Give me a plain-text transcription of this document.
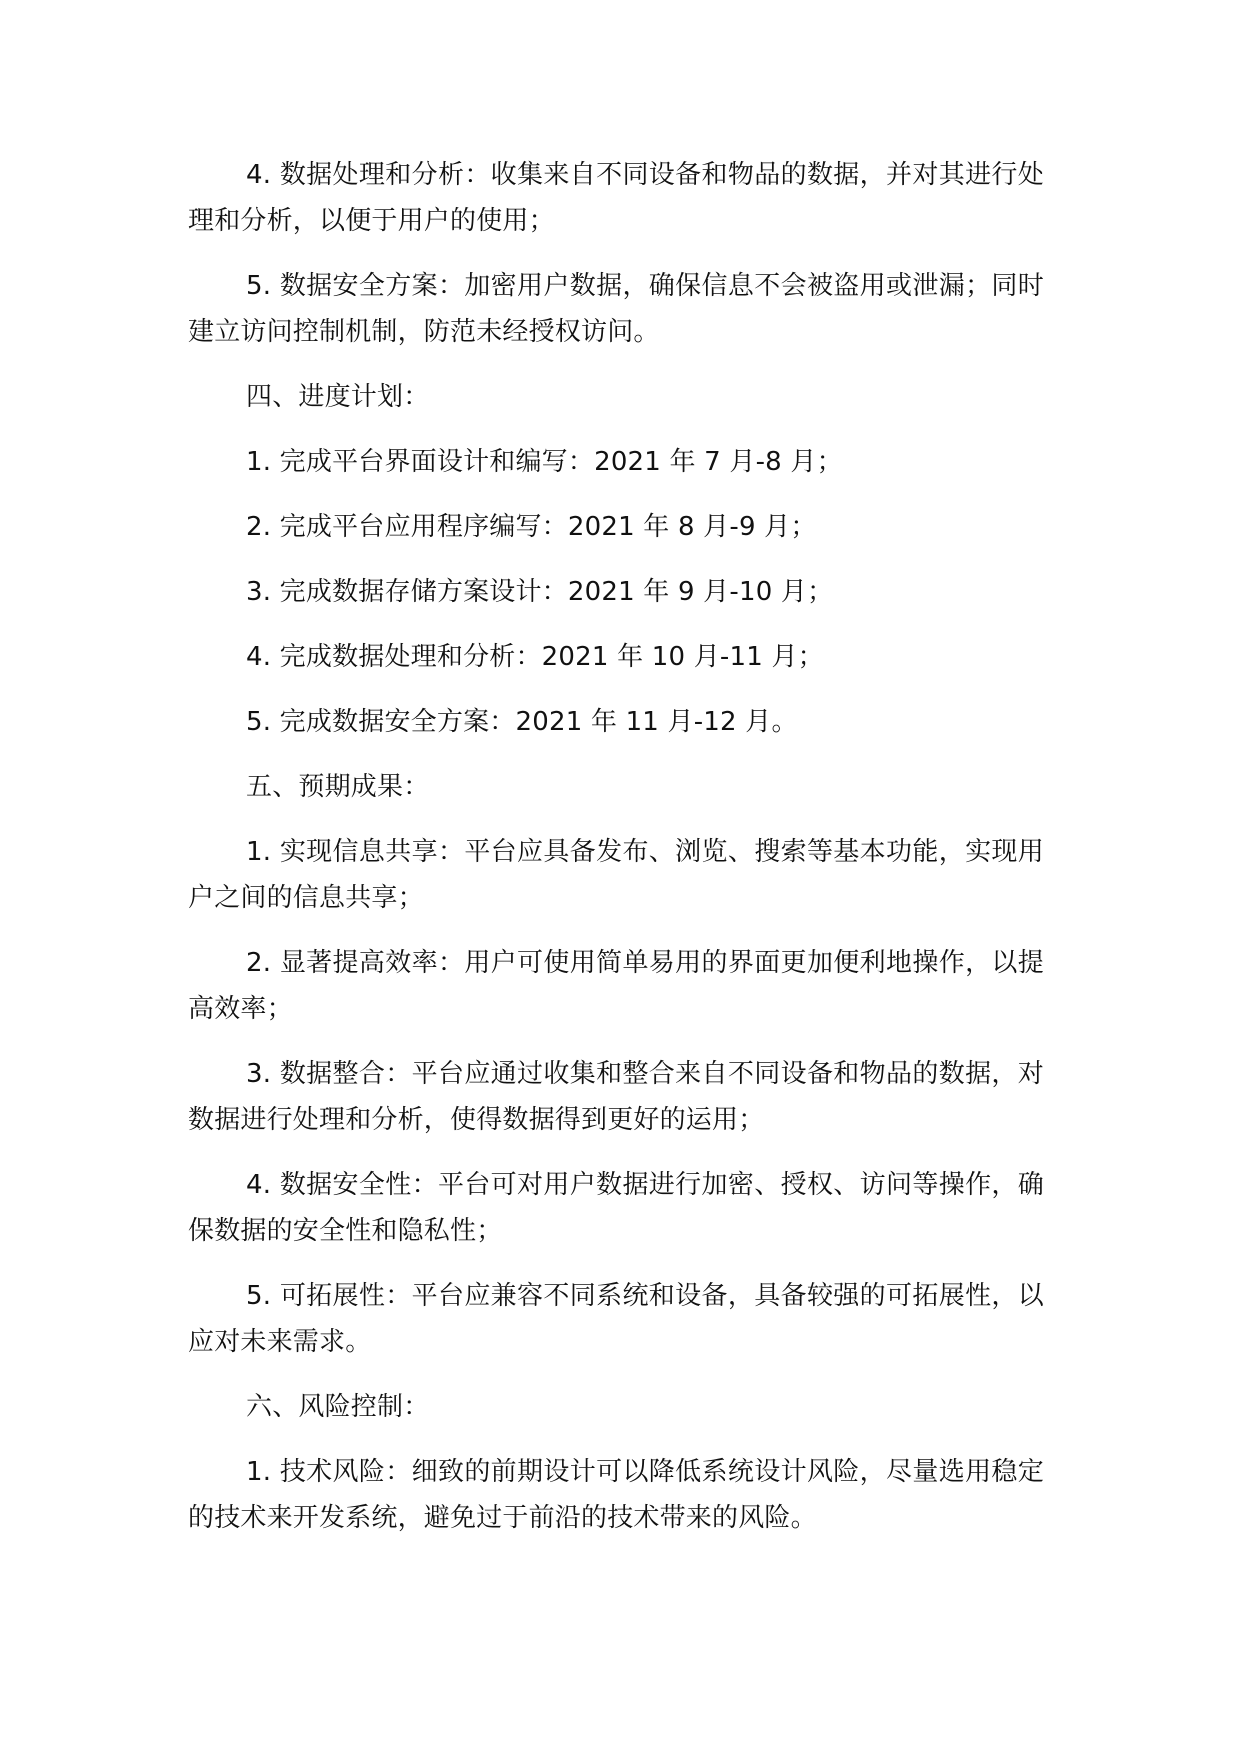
4. 数据处理和分析：收集来自不同设备和物品的数据，并对其进行处理和分析，以便于用户的使用；

5. 数据安全方案：加密用户数据，确保信息不会被盗用或泄漏；同时建立访问控制机制，防范未经授权访问。

四、进度计划：

1. 完成平台界面设计和编写：2021 年 7 月-8 月；

2. 完成平台应用程序编写：2021 年 8 月-9 月；

3. 完成数据存储方案设计：2021 年 9 月-10 月；

4. 完成数据处理和分析：2021 年 10 月-11 月；

5. 完成数据安全方案：2021 年 11 月-12 月。

五、预期成果：

1. 实现信息共享：平台应具备发布、浏览、搜索等基本功能，实现用户之间的信息共享；

2. 显著提高效率：用户可使用简单易用的界面更加便利地操作，以提高效率；

3. 数据整合：平台应通过收集和整合来自不同设备和物品的数据，对数据进行处理和分析，使得数据得到更好的运用；

4. 数据安全性：平台可对用户数据进行加密、授权、访问等操作，确保数据的安全性和隐私性；

5. 可拓展性：平台应兼容不同系统和设备，具备较强的可拓展性，以应对未来需求。

六、风险控制：

1. 技术风险：细致的前期设计可以降低系统设计风险，尽量选用稳定的技术来开发系统，避免过于前沿的技术带来的风险。
